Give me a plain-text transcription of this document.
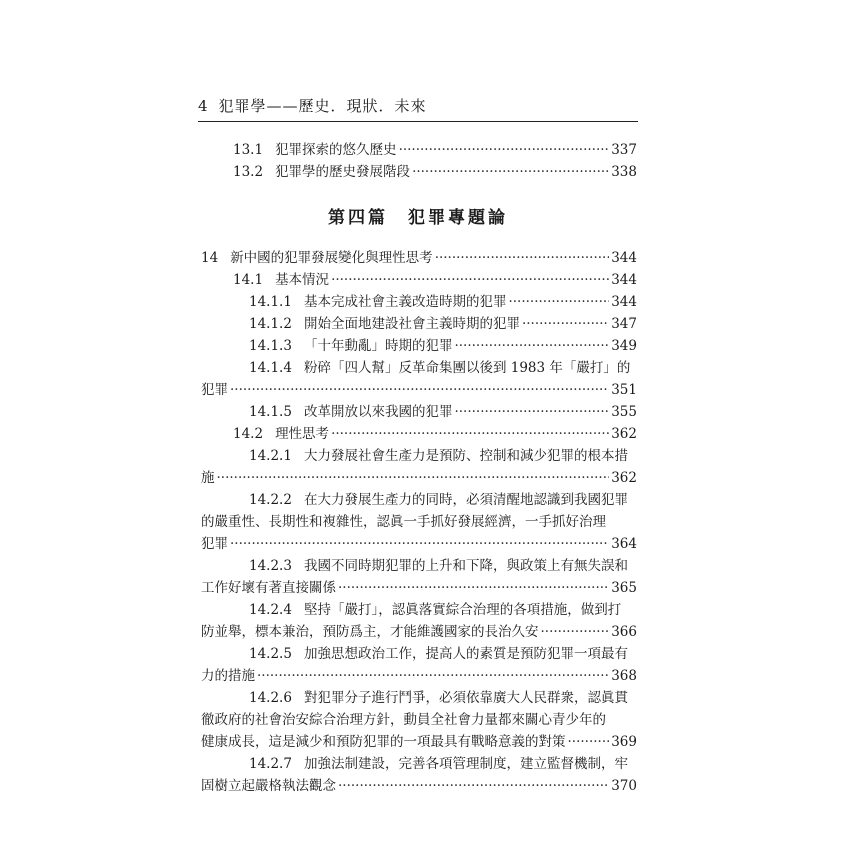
4 犯罪學——歷史．現狀．未來
13.1 犯罪探索的悠久歷史 ·····	337
13.2 犯罪學的歷史發展階段 ·····	338
第四篇　犯罪專題論
14 新中國的犯罪發展變化與理性思考 ·····	344
14.1 基本情況 ·····	344
14.1.1 基本完成社會主義改造時期的犯罪 ·····	344
14.1.2 開始全面地建設社會主義時期的犯罪 ·····	347
14.1.3 「十年動亂」時期的犯罪 ·····	349
14.1.4 粉碎「四人幫」反革命集團以後到 1983 年「嚴打」的
犯罪 ·····	351
14.1.5 改革開放以來我國的犯罪 ·····	355
14.2 理性思考 ·····	362
14.2.1 大力發展社會生產力是預防、控制和減少犯罪的根本措
施 ·····	362
14.2.2 在大力發展生產力的同時，必須清醒地認識到我國犯罪
的嚴重性、長期性和複雜性，認眞一手抓好發展經濟，一手抓好治理
犯罪 ·····	364
14.2.3 我國不同時期犯罪的上升和下降，與政策上有無失誤和
工作好壞有著直接關係 ·····	365
14.2.4 堅持「嚴打」，認眞落實綜合治理的各項措施，做到打
防並舉，標本兼治，預防爲主，才能維護國家的長治久安 ·····	366
14.2.5 加強思想政治工作，提高人的素質是預防犯罪一項最有
力的措施 ·····	368
14.2.6 對犯罪分子進行鬥爭，必須依靠廣大人民群衆，認眞貫
徹政府的社會治安綜合治理方針，動員全社會力量都來關心青少年的
健康成長，這是減少和預防犯罪的一項最具有戰略意義的對策 ·····	369
14.2.7 加強法制建設，完善各項管理制度，建立監督機制，牢
固樹立起嚴格執法觀念 ·····	370
